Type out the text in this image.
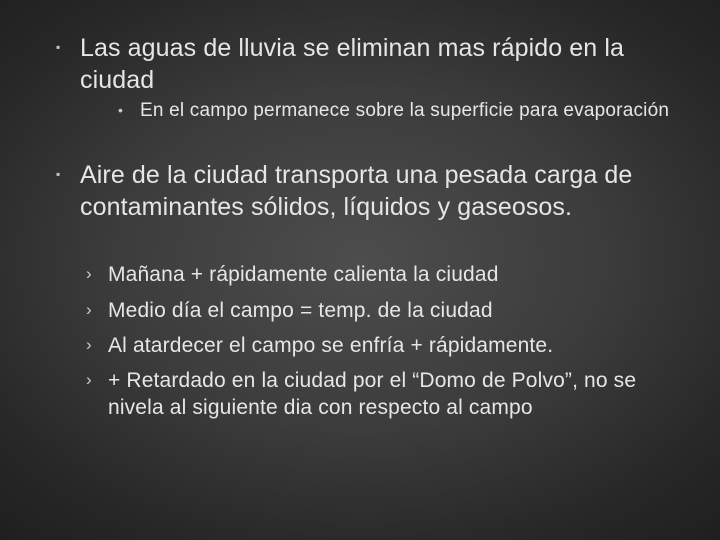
▪ Las aguas de lluvia se eliminan mas rápido en la ciudad
• En el campo permanece sobre la superficie para evaporación
▪ Aire de la ciudad transporta una pesada carga de contaminantes sólidos, líquidos y gaseosos.
› Mañana + rápidamente calienta la ciudad
› Medio día el campo = temp. de la ciudad
› Al atardecer el campo se enfría + rápidamente.
› + Retardado en la ciudad por el “Domo de Polvo”, no se nivela al siguiente dia con respecto al campo
